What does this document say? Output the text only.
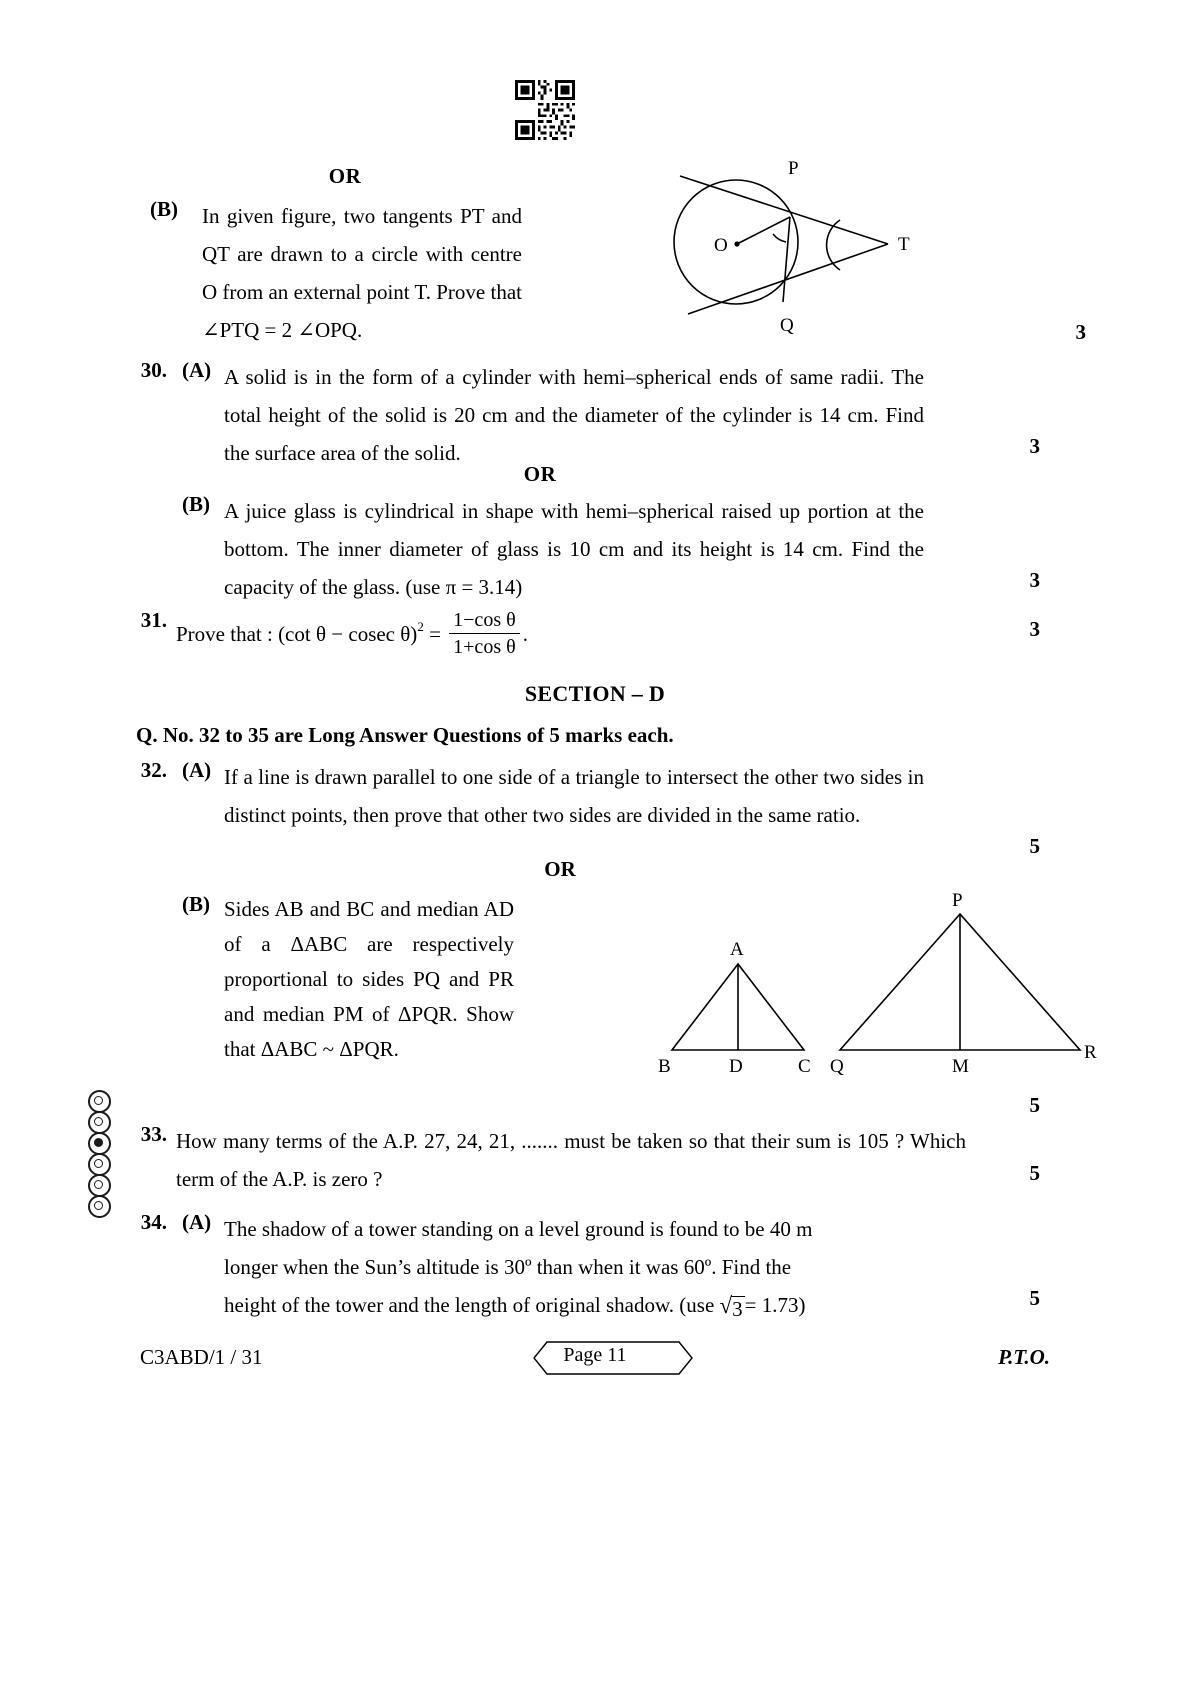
OR
(B)	In given figure, two tangents PT and QT are drawn to a circle with centre O from an external point T. Prove that ∠PTQ = 2 ∠OPQ.	3
P
O	T
Q
30. (A) A solid is in the form of a cylinder with hemi–spherical ends of same radii. The total height of the solid is 20 cm and the diameter of the cylinder is 14 cm. Find the surface area of the solid.	3
OR
(B) A juice glass is cylindrical in shape with hemi–spherical raised up portion at the bottom. The inner diameter of glass is 10 cm and its height is 14 cm. Find the capacity of the glass. (use π = 3.14)	3
31.
Prove that : (cot θ − cosec $\theta)^2 = \frac{\text{1−cos θ}}{\text{1+cos θ}}$ .	3
SECTION – D
Q. No. 32 to 35 are Long Answer Questions of 5 marks each.
32. (A) If a line is drawn parallel to one side of a triangle to intersect the other two sides in distinct points, then prove that other two sides are divided in the same ratio.
5
OR
(B) Sides AB and BC and median AD of a ΔABC are respectively proportional to sides PQ and PR and median PM of ΔPQR. Show that ΔABC ~ ΔPQR.
5
A
B	D	C
P
Q	M
R
33. How many terms of the A.P. 27, 24, 21, ....... must be taken so that their sum is 105 ? Which term of the A.P. is zero ?	5
34. (A) The shadow of a tower standing on a level ground is found to be 40 m

longer when the Sun’s altitude is 30º than when it was 60º. Find the

height of the tower and the length of original shadow. (use √ 3 = 1.73)	5
C3ABD/1 / 31	Page 11	P.T.O.
